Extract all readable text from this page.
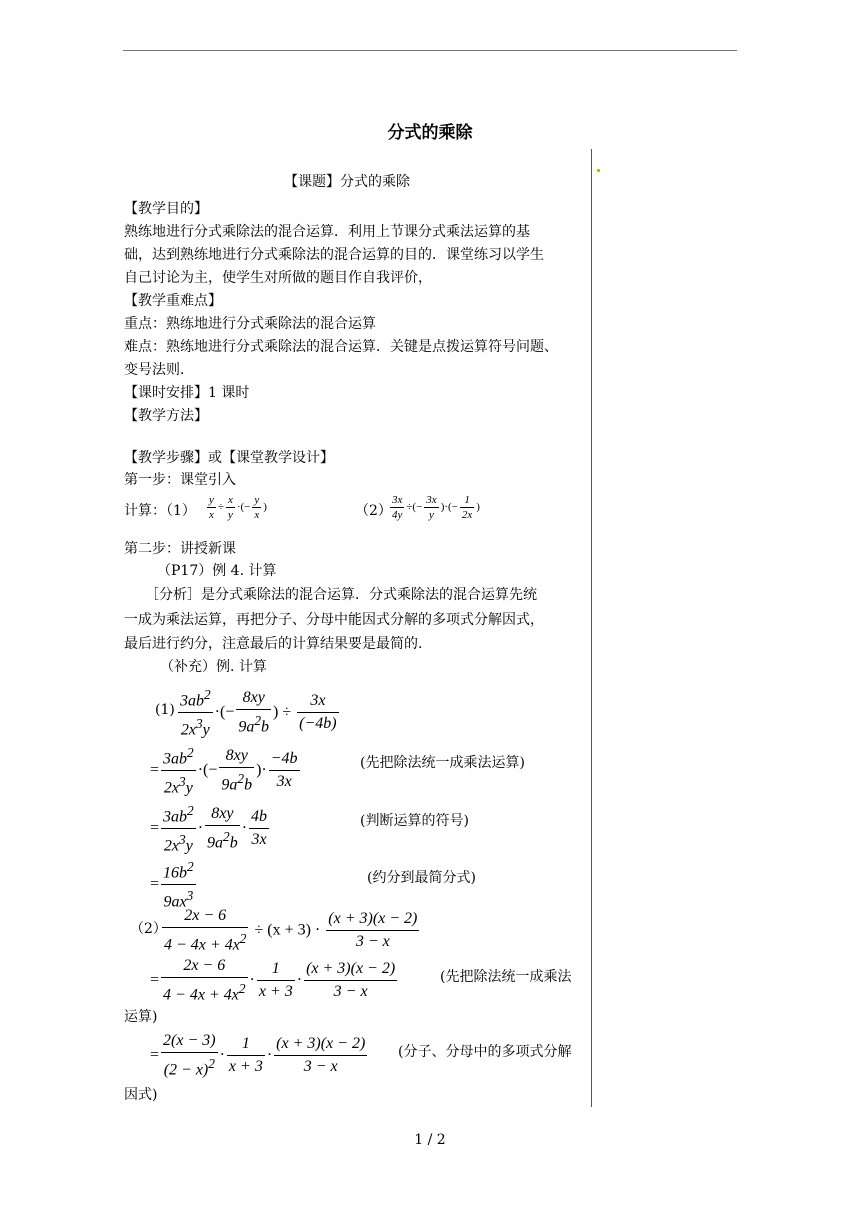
分式的乘除
【课题】分式的乘除
【教学目的】
熟练地进行分式乘除法的混合运算．利用上节课分式乘法运算的基
础，达到熟练地进行分式乘除法的混合运算的目的．课堂练习以学生
自己讨论为主，使学生对所做的题目作自我评价，
【教学重难点】
重点：熟练地进行分式乘除法的混合运算
难点：熟练地进行分式乘除法的混合运算．关键是点拨运算符号问题、
变号法则．
【课时安排】1 课时
【教学方法】
【教学步骤】或【课堂教学设计】
第一步：课堂引入
计算：$(1) \frac{y}{x} \div \frac{x}{y}$ ·(− $\frac{y}{x}$ )	（2）
$\frac{3x}{4y}$ ÷(− $\frac{3x}{y}$ )·(− $\frac{1}{2x}$ )
第二步：讲授新课
（P17）例 4. 计算
［分析］是分式乘除法的混合运算．分式乘除法的混合运算先统
一成为乘法运算，再把分子、分母中能因式分解的多项式分解因式，
最后进行约分，注意最后的计算结果要是最简的.
（补充）例. 计算
$(1) \frac{3ab^2}{2x^3y}$ ·(− $\frac{8xy}{9a^2b}$ ) ÷ $\frac{3x}{(-4b)}$
= $\frac{3ab^2}{2x^3y}$ ·(− $\frac{8xy}{9a^2b}$ )· $\frac{-4b}{3x}$	(先把除法统一成乘法运算)
= $\frac{3ab^2}{2x^3y} \cdot \frac{8xy}{9a^2b} \cdot \frac{4b}{3x}$	(判断运算的符号)
= $\frac{16b^2}{9ax^3}$	(约分到最简分式)
（2）
$\frac{2x - 6}{4 - 4x + 4x^2} \div (x + 3) \cdot \frac{(x + 3)(x - 2)}{3 - x}$
= $\frac{2x - 6}{4 - 4x + 4x^2} \cdot \frac{1}{x + 3} \cdot \frac{(x + 3)(x - 2)}{3 - x}$	(先把除法统一成乘法
运算)
= $\frac{2(x - 3)}{(2 - x)^2} \cdot \frac{1}{x + 3} \cdot \frac{(x + 3)(x - 2)}{3 - x}$ (分子、分母中的多项式分解
因式)
1 / 2
